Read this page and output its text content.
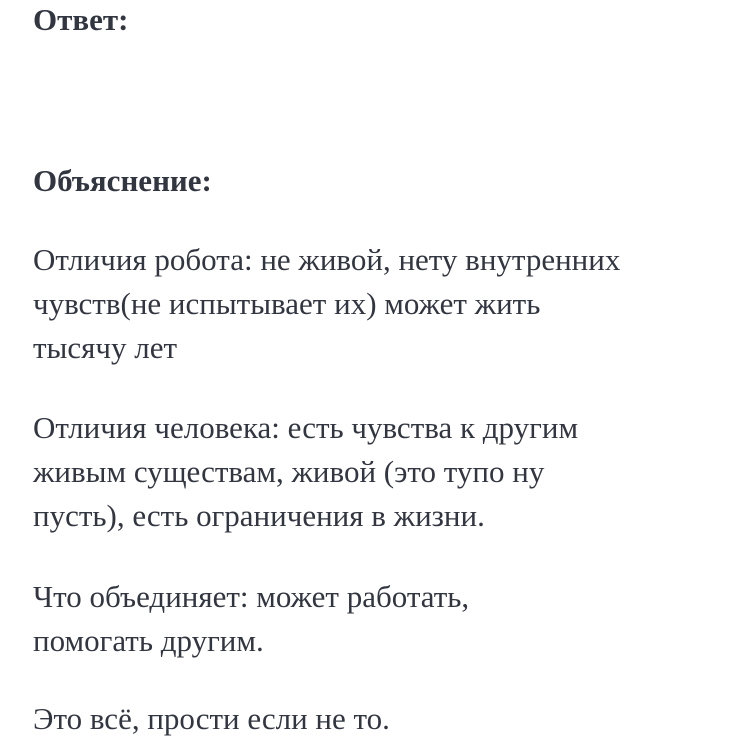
Ответ:
Объяснение:

Отличия робота: не живой, нету внутренних
чувств(не испытывает их) может жить
тысячу лет

Отличия человека: есть чувства к другим
живым существам, живой (это тупо ну
пусть), есть ограничения в жизни.

Что объединяет: может работать,
помогать другим.

Это всё, прости если не то.
